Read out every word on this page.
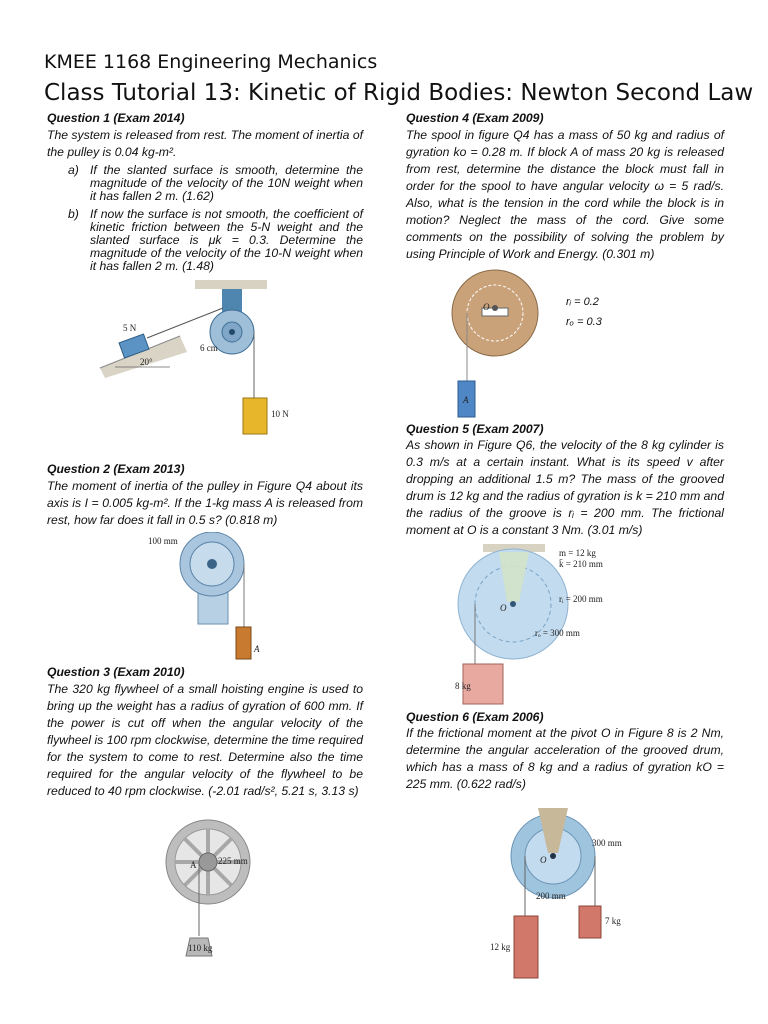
KMEE 1168 Engineering Mechanics
Class Tutorial 13: Kinetic of Rigid Bodies: Newton Second Law
Question 1 (Exam 2014)
The system is released from rest. The moment of inertia of the pulley is 0.04 kg-m².
a) If the slanted surface is smooth, determine the magnitude of the velocity of the 10N weight when it has fallen 2 m. (1.62)
b) If now the surface is not smooth, the coefficient of kinetic friction between the 5-N weight and the slanted surface is μk = 0.3. Determine the magnitude of the velocity of the 10-N weight when it has fallen 2 m. (1.48)
5 N
20°
6 cm
10 N
Question 2 (Exam 2013)
The moment of inertia of the pulley in Figure Q4 about its axis is I = 0.005 kg-m². If the 1-kg mass A is released from rest, how far does it fall in 0.5 s? (0.818 m)
100 mm
A
Question 3 (Exam 2010)
The 320 kg flywheel of a small hoisting engine is used to bring up the weight has a radius of gyration of 600 mm. If the power is cut off when the angular velocity of the flywheel is 100 rpm clockwise, determine the time required for the system to come to rest. Determine also the time required for the angular velocity of the flywheel to be reduced to 40 rpm clockwise. (-2.01 rad/s², 5.21 s, 3.13 s)
225 mm
A
110 kg
Question 4 (Exam 2009)
The spool in figure Q4 has a mass of 50 kg and radius of gyration ko = 0.28 m. If block A of mass 20 kg is released from rest, determine the distance the block must fall in order for the spool to have angular velocity ω = 5 rad/s. Also, what is the tension in the cord while the block is in motion? Neglect the mass of the cord. Give some comments on the possibility of solving the problem by using Principle of Work and Energy. (0.301 m)
A
O	rᵢ = 0.2
rₒ = 0.3
Question 5 (Exam 2007)
As shown in Figure Q6, the velocity of the 8 kg cylinder is 0.3 m/s at a certain instant. What is its speed v after dropping an additional 1.5 m? The mass of the grooved drum is 12 kg and the radius of gyration is k = 210 mm and the radius of the groove is rᵢ = 200 mm. The frictional moment at O is a constant 3 Nm. (3.01 m/s)
O
m = 12 kg
k̄ = 210 mm
rᵢ = 200 mm
rₒ = 300 mm
8 kg
Question 6 (Exam 2006)
If the frictional moment at the pivot O in Figure 8 is 2 Nm, determine the angular acceleration of the grooved drum, which has a mass of 8 kg and a radius of gyration kO = 225 mm. (0.622 rad/s)
O
300 mm
200 mm
7 kg
12 kg
